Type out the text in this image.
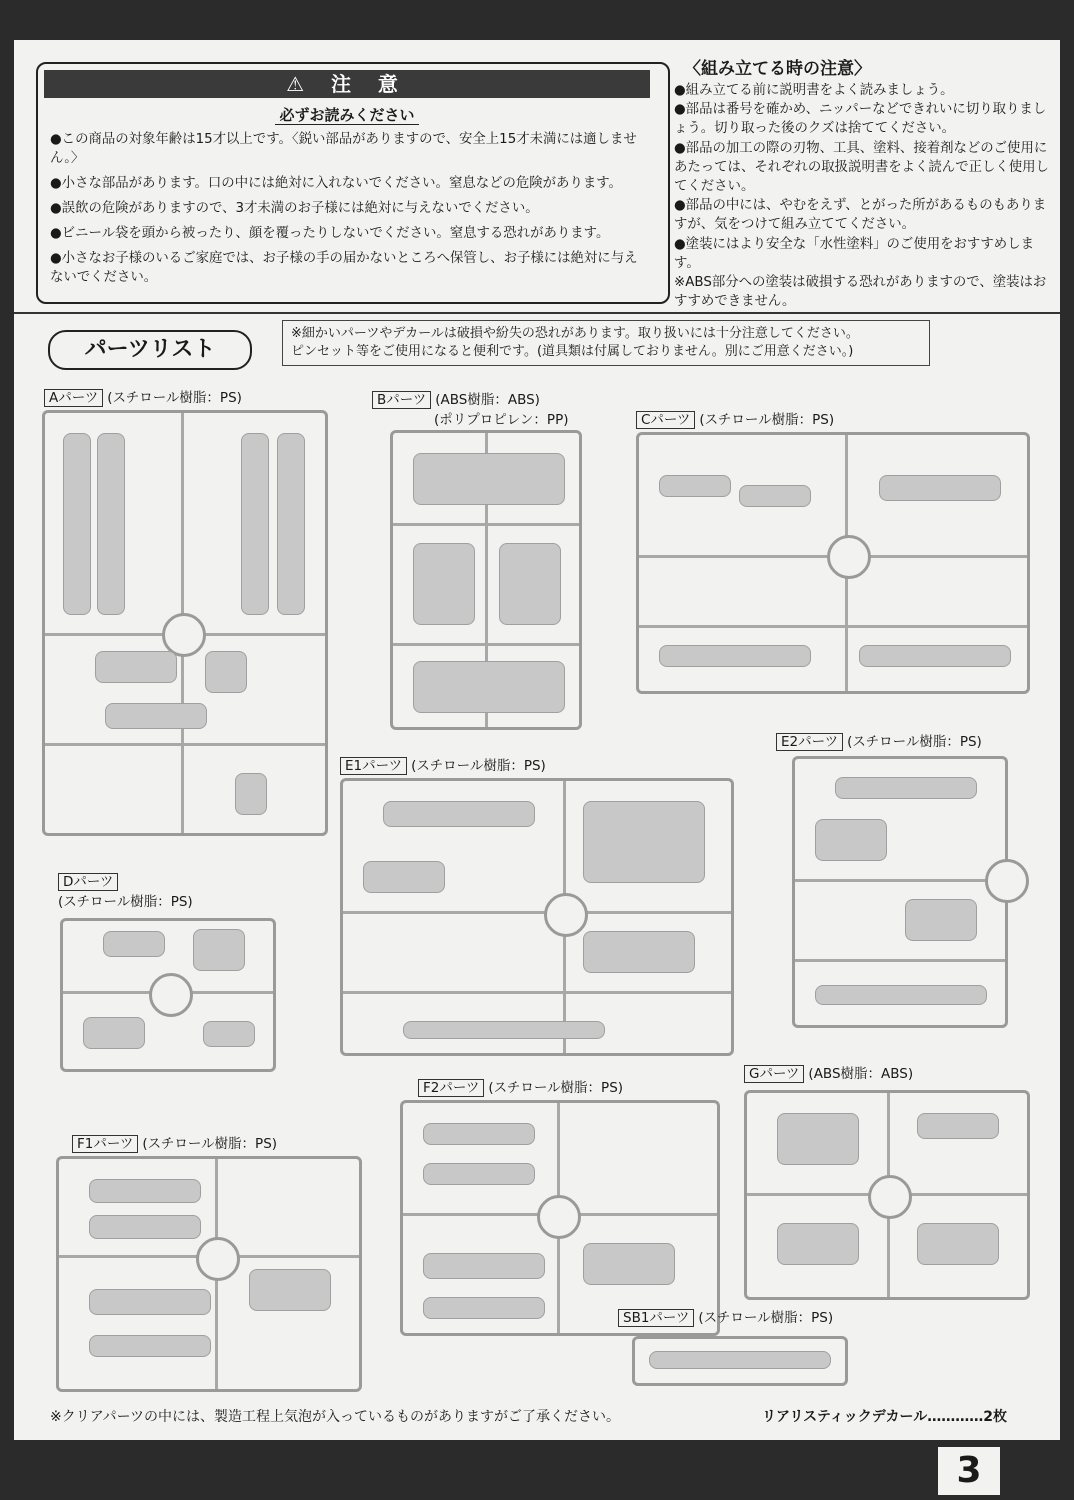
⚠ 注 意
必ずお読みください
●この商品の対象年齢は15才以上です。〈鋭い部品がありますので、安全上15才未満には適しません。〉
●小さな部品があります。口の中には絶対に入れないでください。窒息などの危険があります。
●誤飲の危険がありますので、3才未満のお子様には絶対に与えないでください。
●ビニール袋を頭から被ったり、顔を覆ったりしないでください。窒息する恐れがあります。
●小さなお子様のいるご家庭では、お子様の手の届かないところへ保管し、お子様には絶対に与えないでください。
〈組み立てる時の注意〉
●組み立てる前に説明書をよく読みましょう。
●部品は番号を確かめ、ニッパーなどできれいに切り取りましょう。切り取った後のクズは捨ててください。
●部品の加工の際の刃物、工具、塗料、接着剤などのご使用にあたっては、それぞれの取扱説明書をよく読んで正しく使用してください。
●部品の中には、やむをえず、とがった所があるものもありますが、気をつけて組み立ててください。
●塗装にはより安全な「水性塗料」のご使用をおすすめします。
※ABS部分への塗装は破損する恐れがありますので、塗装はおすすめできません。
パーツリスト
※細かいパーツやデカールは破損や紛失の恐れがあります。取り扱いには十分注意してください。
ピンセット等をご使用になると便利です。(道具類は付属しておりません。別にご用意ください。)
Aパーツ (スチロール樹脂：PS)	Bパーツ (ABS樹脂：ABS)
(ポリプロピレン：PP)	Cパーツ (スチロール樹脂：PS)
Dパーツ
(スチロール樹脂：PS)
E1パーツ (スチロール樹脂：PS)
E2パーツ (スチロール樹脂：PS)
F2パーツ (スチロール樹脂：PS)
Gパーツ (ABS樹脂：ABS)
F1パーツ (スチロール樹脂：PS)
SB1パーツ (スチロール樹脂：PS)
※クリアパーツの中には、製造工程上気泡が入っているものがありますがご了承ください。	リアリスティックデカール…………2枚
3
